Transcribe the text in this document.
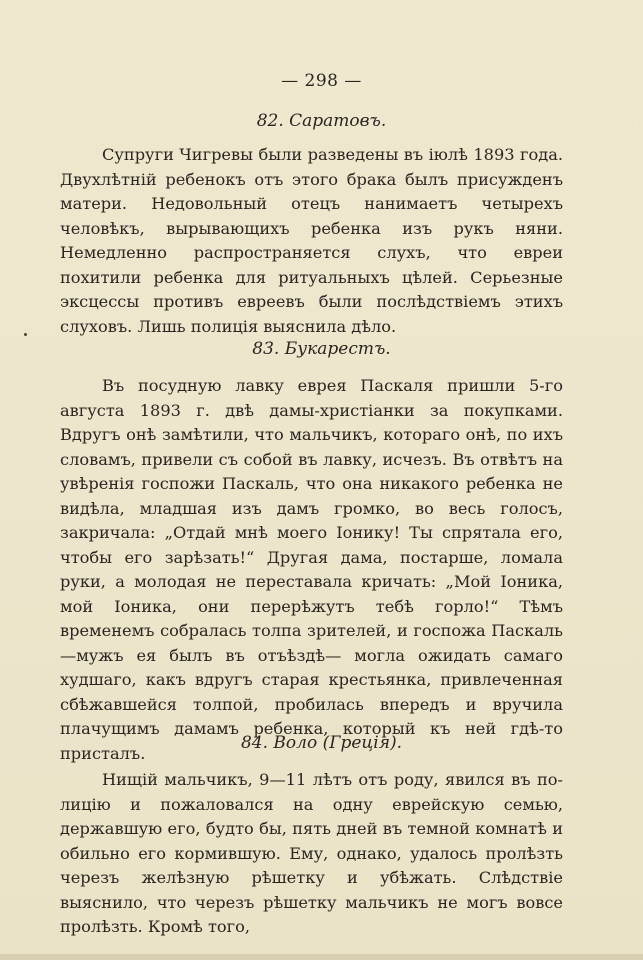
— 298 —
82. Саратовъ.
Супруги Чигревы были разведены въ іюлѣ 1893 года. Двухлѣтній ребенокъ отъ этого брака былъ присужденъ матери. Недовольный отецъ нанимаетъ четырехъ человѣкъ, вырывающихъ ребенка изъ рукъ няни. Немедленно распространяется слухъ, что евреи похитили ребенка для ритуальныхъ цѣлей. Серьезные эксцессы противъ евреевъ были послѣдствіемъ этихъ слуховъ. Лишь полиція выяснила дѣло.
83. Букарестъ.
Въ посудную лавку еврея Паскаля пришли 5-го августа 1893 г. двѣ дамы-христіанки за покупками. Вдругъ онѣ замѣтили, что мальчикъ, котораго онѣ, по ихъ словамъ, привели съ собой въ лавку, исчезъ. Въ отвѣтъ на увѣренія госпожи Паскаль, что она никакого ребенка не видѣла, младшая изъ дамъ громко, во весь голосъ, закричала: „Отдай мнѣ моего Іонику! Ты спрятала его, чтобы его зарѣзать!“ Другая дама, постарше, ломала руки, а молодая не переставала кричать: „Мой Іоника, мой Іоника, они перерѣжутъ тебѣ горло!“ Тѣмъ временемъ собралась толпа зрителей, и госпожа Паскаль—мужъ ея былъ въ отъѣздѣ— могла ожидать самаго худшаго, какъ вдругъ старая крестьянка, привлеченная сбѣжавшейся толпой, пробилась впередъ и вручила плачущимъ дамамъ ребенка, который къ ней гдѣ-то присталъ.	84. Воло (Греція).
Нищій мальчикъ, 9—11 лѣтъ отъ роду, явился въ полицію и пожаловался на одну еврейскую семью, державшую его, будто бы, пять дней въ темной комнатѣ и обильно его кормившую. Ему, однако, удалось пролѣзть черезъ желѣзную рѣшетку и убѣжать. Слѣдствіе выяснило, что черезъ рѣшетку мальчикъ не могъ вовсе пролѣзть. Кромѣ того,
